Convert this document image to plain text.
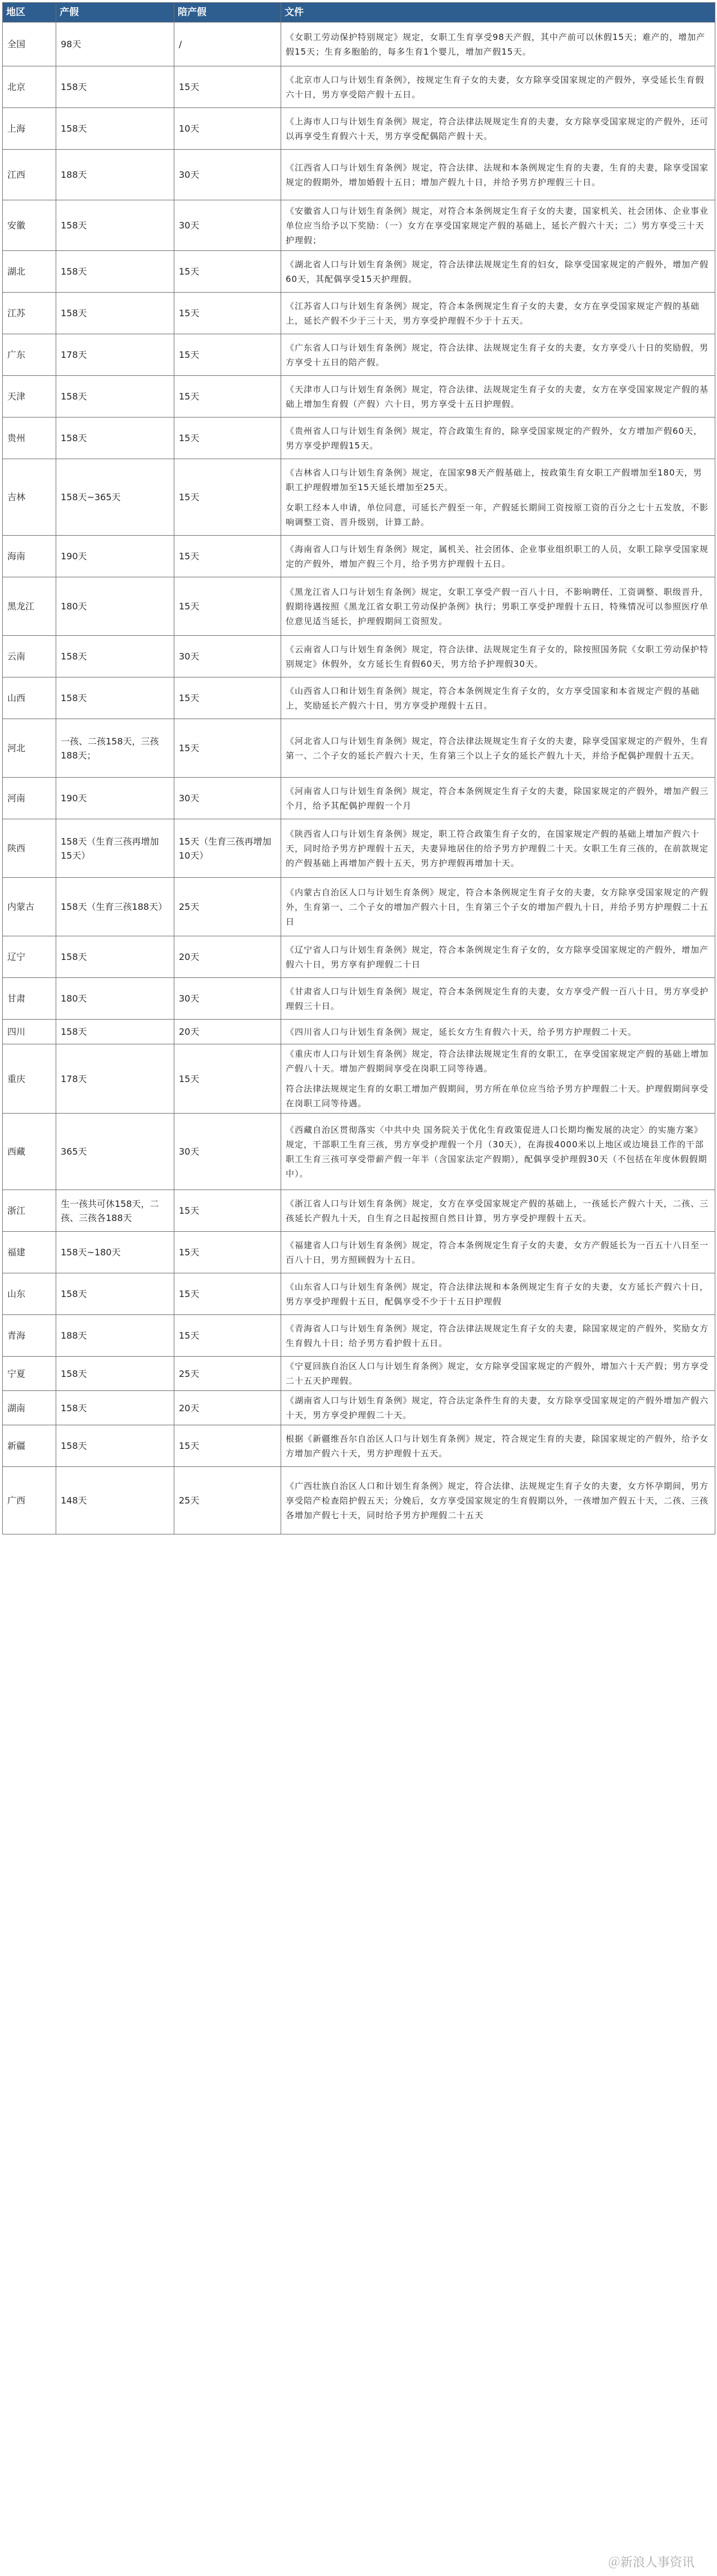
地区	产假	陪产假	文件
全国	98天	/	《女职工劳动保护特别规定》规定，女职工生育享受98天产假，其中产前可以休假15天；难产的，增加产假15天；生育多胞胎的，每多生育1个婴儿，增加产假15天。

北京	158天	15天	《北京市人口与计划生育条例》，按规定生育子女的夫妻，女方除享受国家规定的产假外，享受延长生育假六十日，男方享受陪产假十五日。

上海	158天	10天	《上海市人口与计划生育条例》规定，符合法律法规规定生育的夫妻，女方除享受国家规定的产假外，还可以再享受生育假六十天，男方享受配偶陪产假十天。

江西	188天	30天	《江西省人口与计划生育条例》规定，符合法律、法规和本条例规定生育的夫妻，生育的夫妻，除享受国家规定的假期外，增加婚假十五日；增加产假九十日，并给予男方护理假三十日。

安徽	158天	30天	《安徽省人口与计划生育条例》规定，对符合本条例规定生育子女的夫妻，国家机关、社会团体、企业事业单位应当给予以下奖励：（一）女方在享受国家规定产假的基础上，延长产假六十天；二）男方享受三十天护理假；

湖北	158天	15天	《湖北省人口与计划生育条例》规定，符合法律法规规定生育的妇女，除享受国家规定的产假外，增加产假60天，其配偶享受15天护理假。

江苏	158天	15天	《江苏省人口与计划生育条例》规定，符合本条例规定生育子女的夫妻，女方在享受国家规定产假的基础上，延长产假不少于三十天，男方享受护理假不少于十五天。

广东	178天	15天	《广东省人口与计划生育条例》规定，符合法律、法规规定生育子女的夫妻，女方享受八十日的奖励假，男方享受十五日的陪产假。

天津	158天	15天	《天津市人口与计划生育条例》规定，符合法律、法规规定生育子女的夫妻，女方在享受国家规定产假的基础上增加生育假（产假）六十日，男方享受十五日护理假。

贵州	158天	15天	《贵州省人口与计划生育条例》规定，符合政策生育的，除享受国家规定的产假外，女方增加产假60天，男方享受护理假15天。

吉林	158天~365天	15天	《吉林省人口与计划生育条例》规定，在国家98天产假基础上，按政策生育女职工产假增加至180天，男职工护理假增加至15天延长增加至25天。
女职工经本人申请，单位同意，可延长产假至一年，产假延长期间工资按原工资的百分之七十五发放，不影响调整工资、晋升级别，计算工龄。

海南	190天	15天	《海南省人口与计划生育条例》规定，属机关、社会团体、企业事业组织职工的人员，女职工除享受国家规定的产假外，增加产假三个月，给予男方护理假十五日。

黑龙江	180天	15天	《黑龙江省人口与计划生育条例》规定，女职工享受产假一百八十日，不影响聘任、工资调整、职级晋升，假期待遇按照《黑龙江省女职工劳动保护条例》执行；男职工享受护理假十五日，特殊情况可以参照医疗单位意见适当延长，护理假期间工资照发。

云南	158天	30天	《云南省人口与计划生育条例》规定，符合法律、法规规定生育子女的，除按照国务院《女职工劳动保护特别规定》休假外，女方延长生育假60天，男方给予护理假30天。

山西	158天	15天	《山西省人口和计划生育条例》规定，符合本条例规定生育子女的，女方享受国家和本省规定产假的基础上，奖励延长产假六十日，男方享受护理假十五日。

河北	一孩、二孩158天，三孩188天；	15天	《河北省人口与计划生育条例》规定，符合法律法规规定生育子女的夫妻，除享受国家规定的产假外，生育第一、二个子女的延长产假六十天，生育第三个以上子女的延长产假九十天，并给予配偶护理假十五天。

河南	190天	30天	《河南省人口与计划生育条例》规定，符合本条例规定生育子女的夫妻，除国家规定的产假外，增加产假三个月，给予其配偶护理假一个月

陕西	158天（生育三孩再增加15天）	15天（生育三孩再增加10天）	《陕西省人口与计划生育条例》规定，职工符合政策生育子女的，在国家规定产假的基础上增加产假六十天，同时给予男方护理假十五天，夫妻异地居住的给予男方护理假二十天。女职工生育三孩的，在前款规定的产假基础上再增加产假十五天，男方护理假再增加十天。

内蒙古	158天（生育三孩188天）	25天	《内蒙古自治区人口与计划生育条例》规定，符合本条例规定生育子女的夫妻，女方除享受国家规定的产假外，生育第一、二个子女的增加产假六十日，生育第三个子女的增加产假九十日，并给予男方护理假二十五日

辽宁	158天	20天	《辽宁省人口与计划生育条例》规定，符合本条例规定生育子女的，女方除享受国家规定的产假外，增加产假六十日，男方享有护理假二十日

甘肃	180天	30天	《甘肃省人口与计划生育条例》规定，符合本条例规定生育的夫妻，女方享受产假一百八十日，男方享受护理假三十日。

四川	158天	20天	《四川省人口与计划生育条例》规定，延长女方生育假六十天，给予男方护理假二十天。

重庆	178天	15天	《重庆市人口与计划生育条例》规定，符合法律法规规定生育的女职工，在享受国家规定产假的基础上增加产假八十天。增加产假期间享受在岗职工同等待遇。
符合法律法规规定生育的女职工增加产假期间，男方所在单位应当给予男方护理假二十天。护理假期间享受在岗职工同等待遇。

西藏	365天	30天	《西藏自治区贯彻落实〈中共中央 国务院关于优化生育政策促进人口长期均衡发展的决定〉的实施方案》规定，干部职工生育三孩，男方享受护理假一个月（30天），在海拔4000米以上地区或边境县工作的干部职工生育三孩可享受带薪产假一年半（含国家法定产假期），配偶享受护理假30天（不包括在年度休假假期中）。

浙江	生一孩共可休158天，二孩、三孩各188天	15天	《浙江省人口与计划生育条例》规定，女方在享受国家规定产假的基础上，一孩延长产假六十天，二孩、三孩延长产假九十天，自生育之日起按照自然日计算，男方享受护理假十五天。

福建	158天~180天	15天	《福建省人口与计划生育条例》规定，符合本条例规定生育子女的夫妻，女方产假延长为一百五十八日至一百八十日，男方照顾假为十五日。

山东	158天	15天	《山东省人口与计划生育条例》规定，符合法律法规和本条例规定生育子女的夫妻，女方延长产假六十日，男方享受护理假十五日，配偶享受不少于十五日护理假

青海	188天	15天	《青海省人口与计划生育条例》规定，符合法律法规规定生育子女的夫妻，除国家规定的产假外，奖励女方生育假九十日；给予男方看护假十五日。

宁夏	158天	25天	《宁夏回族自治区人口与计划生育条例》规定，女方除享受国家规定的产假外，增加六十天产假；男方享受二十五天护理假。

湖南	158天	20天	《湖南省人口与计划生育条例》规定，符合法定条件生育的夫妻，女方除享受国家规定的产假外增加产假六十天，男方享受护理假二十天。

新疆	158天	15天	根据《新疆维吾尔自治区人口与计划生育条例》规定，符合规定生育的夫妻，除国家规定的产假外，给予女方增加产假六十天，男方护理假十五天。

广西	148天	25天	《广西壮族自治区人口和计划生育条例》规定，符合法律、法规规定生育子女的夫妻，女方怀孕期间，男方享受陪产检查陪护假五天；分娩后，女方享受国家规定的生育假期以外，一孩增加产假五十天，二孩、三孩各增加产假七十天，同时给予男方护理假二十五天
＠新浪人事资讯
